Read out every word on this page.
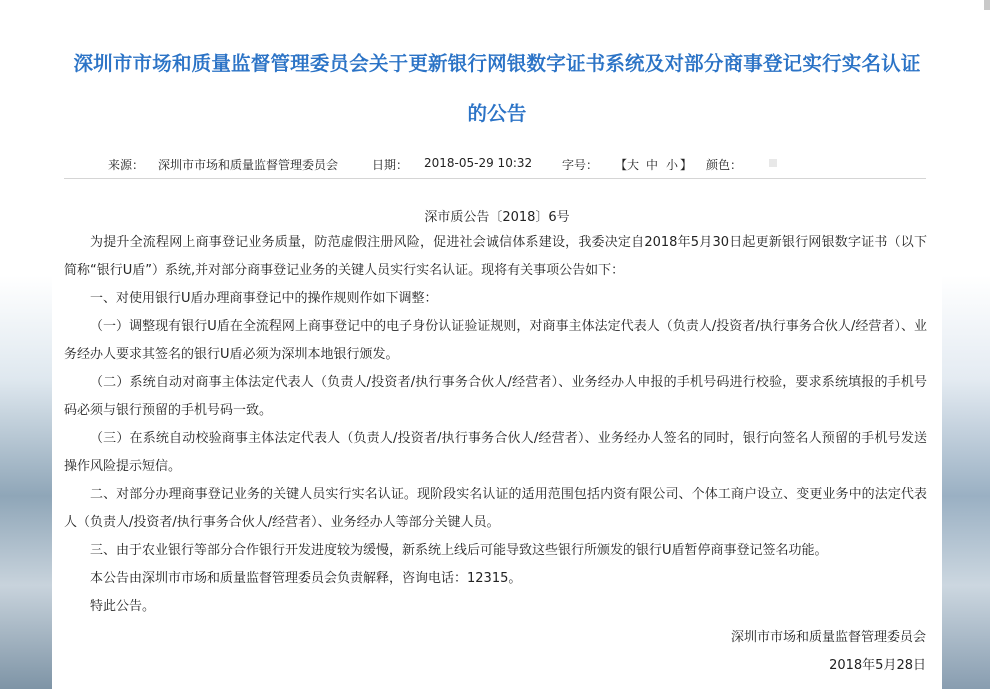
深圳市市场和质量监督管理委员会关于更新银行网银数字证书系统及对部分商事登记实行实名认证
的公告
来源： 深圳市市场和质量监督管理委员会	日期： 2018-05-29 10:32 字号： 【 大 中 小 】 颜色：
深市质公告〔2018〕6号

为提升全流程网上商事登记业务质量，防范虚假注册风险，促进社会诚信体系建设，我委决定自2018年5月30日起更新银行网银数字证书（以下简称“银行U盾”）系统,并对部分商事登记业务的关键人员实行实名认证。现将有关事项公告如下：

一、对使用银行U盾办理商事登记中的操作规则作如下调整：

（一）调整现有银行U盾在全流程网上商事登记中的电子身份认证验证规则，对商事主体法定代表人（负责人/投资者/执行事务合伙人/经营者）、业务经办人要求其签名的银行U盾必须为深圳本地银行颁发。

（二）系统自动对商事主体法定代表人（负责人/投资者/执行事务合伙人/经营者）、业务经办人申报的手机号码进行校验，要求系统填报的手机号码必须与银行预留的手机号码一致。

（三）在系统自动校验商事主体法定代表人（负责人/投资者/执行事务合伙人/经营者）、业务经办人签名的同时，银行向签名人预留的手机号发送操作风险提示短信。

二、对部分办理商事登记业务的关键人员实行实名认证。现阶段实名认证的适用范围包括内资有限公司、个体工商户设立、变更业务中的法定代表人（负责人/投资者/执行事务合伙人/经营者）、业务经办人等部分关键人员。

三、由于农业银行等部分合作银行开发进度较为缓慢，新系统上线后可能导致这些银行所颁发的银行U盾暂停商事登记签名功能。

本公告由深圳市市场和质量监督管理委员会负责解释，咨询电话：12315。

特此公告。

深圳市市场和质量监督管理委员会
2018年5月28日
